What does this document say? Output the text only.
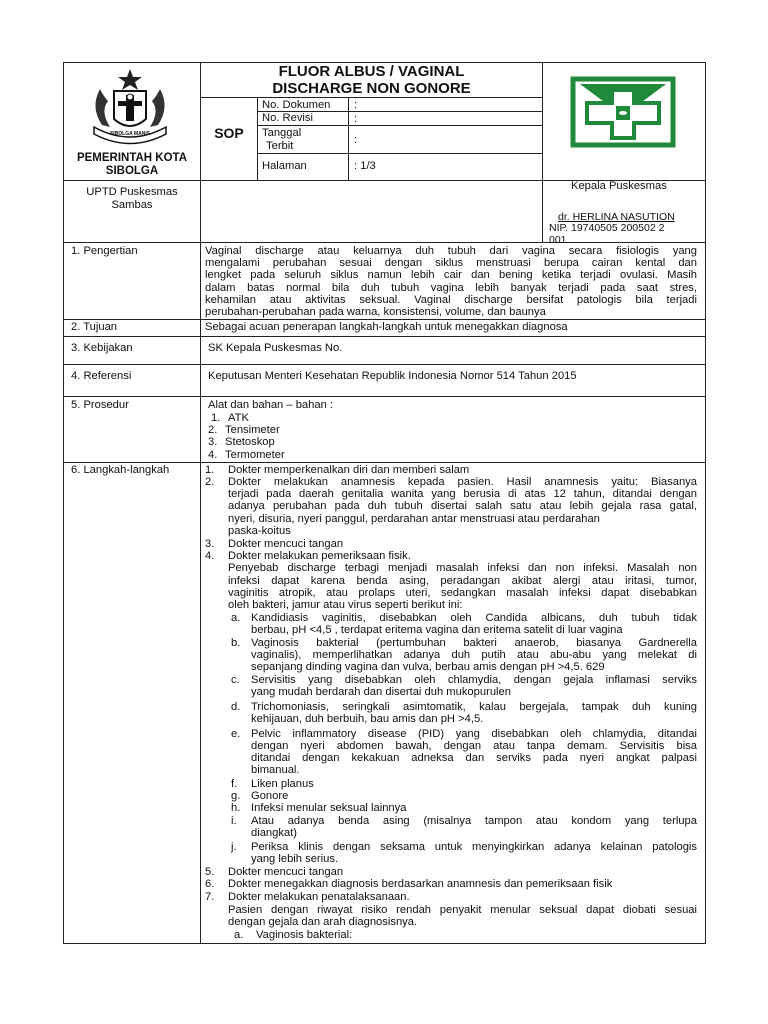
SIBOLGA MANIS
PEMERINTAH KOTA
SIBOLGA
FLUOR ALBUS / VAGINAL
DISCHARGE NON GONORE
SOP
No. Dokumen :
No. Revisi	:
Tanggal
Terbit	:
Halaman	: 1/3
UPTD Puskesmas
Sambas
Kepala Puskesmas
dr. HERLINA NASUTION
NIP. 19740505 200502 2
001
1. Pengertian	Vaginal discharge atau keluarnya duh tubuh dari vagina secara fisiologis yang
mengalami perubahan sesuai dengan siklus menstruasi berupa cairan kental dan
lengket pada seluruh siklus namun lebih cair dan bening ketika terjadi ovulasi. Masih
dalam batas normal bila duh tubuh vagina lebih banyak terjadi pada saat stres,
kehamilan atau aktivitas seksual. Vaginal discharge bersifat patologis bila terjadi
perubahan-perubahan pada warna, konsistensi, volume, dan baunya
2. Tujuan	Sebagai acuan penerapan langkah-langkah untuk menegakkan diagnosa
3. Kebijakan	SK Kepala Puskesmas No.
4. Referensi	Keputusan Menteri Kesehatan Republik Indonesia Nomor 514 Tahun 2015
5. Prosedur	Alat dan bahan – bahan :
1. ATK
2. Tensimeter
3. Stetoskop
4. Termometer
6. Langkah-langkah	1. Dokter memperkenalkan diri dan memberi salam
2. Dokter melakukan anamnesis kepada pasien. Hasil anamnesis yaitu: Biasanya
terjadi pada daerah genitalia wanita yang berusia di atas 12 tahun, ditandai dengan
adanya perubahan pada duh tubuh disertai salah satu atau lebih gejala rasa gatal,
nyeri, disuria, nyeri panggul, perdarahan antar menstruasi atau perdarahan
paska-koitus
3. Dokter mencuci tangan
4. Dokter melakukan pemeriksaan fisik.
Penyebab discharge terbagi menjadi masalah infeksi dan non infeksi. Masalah non
infeksi dapat karena benda asing, peradangan akibat alergi atau iritasi, tumor,
vaginitis atropik, atau prolaps uteri, sedangkan masalah infeksi dapat disebabkan
oleh bakteri, jamur atau virus seperti berikut ini:
a. Kandidiasis vaginitis, disebabkan oleh Candida albicans, duh tubuh tidak
berbau, pH <4,5 , terdapat eritema vagina dan eritema satelit di luar vagina
b. Vaginosis bakterial (pertumbuhan bakteri anaerob, biasanya Gardnerella
vaginalis), memperlihatkan adanya duh putih atau abu-abu yang melekat di
sepanjang dinding vagina dan vulva, berbau amis dengan pH >4,5. 629
c. Servisitis yang disebabkan oleh chlamydia, dengan gejala inflamasi serviks
yang mudah berdarah dan disertai duh mukopurulen
d. Trichomoniasis, seringkali asimtomatik, kalau bergejala, tampak duh kuning
kehijauan, duh berbuih, bau amis dan pH >4,5.
e. Pelvic inflammatory disease (PID) yang disebabkan oleh chlamydia, ditandai
dengan nyeri abdomen bawah, dengan atau tanpa demam. Servisitis bisa
ditandai dengan kekakuan adneksa dan serviks pada nyeri angkat palpasi
bimanual.
f. Liken planus
g. Gonore
h. Infeksi menular seksual lainnya
i. Atau adanya benda asing (misalnya tampon atau kondom yang terlupa
diangkat)
j. Periksa klinis dengan seksama untuk menyingkirkan adanya kelainan patologis
yang lebih serius.
5. Dokter mencuci tangan
6. Dokter menegakkan diagnosis berdasarkan anamnesis dan pemeriksaan fisik
7. Dokter melakukan penatalaksanaan.
Pasien dengan riwayat risiko rendah penyakit menular seksual dapat diobati sesuai
dengan gejala dan arah diagnosisnya.
a. Vaginosis bakterial:
